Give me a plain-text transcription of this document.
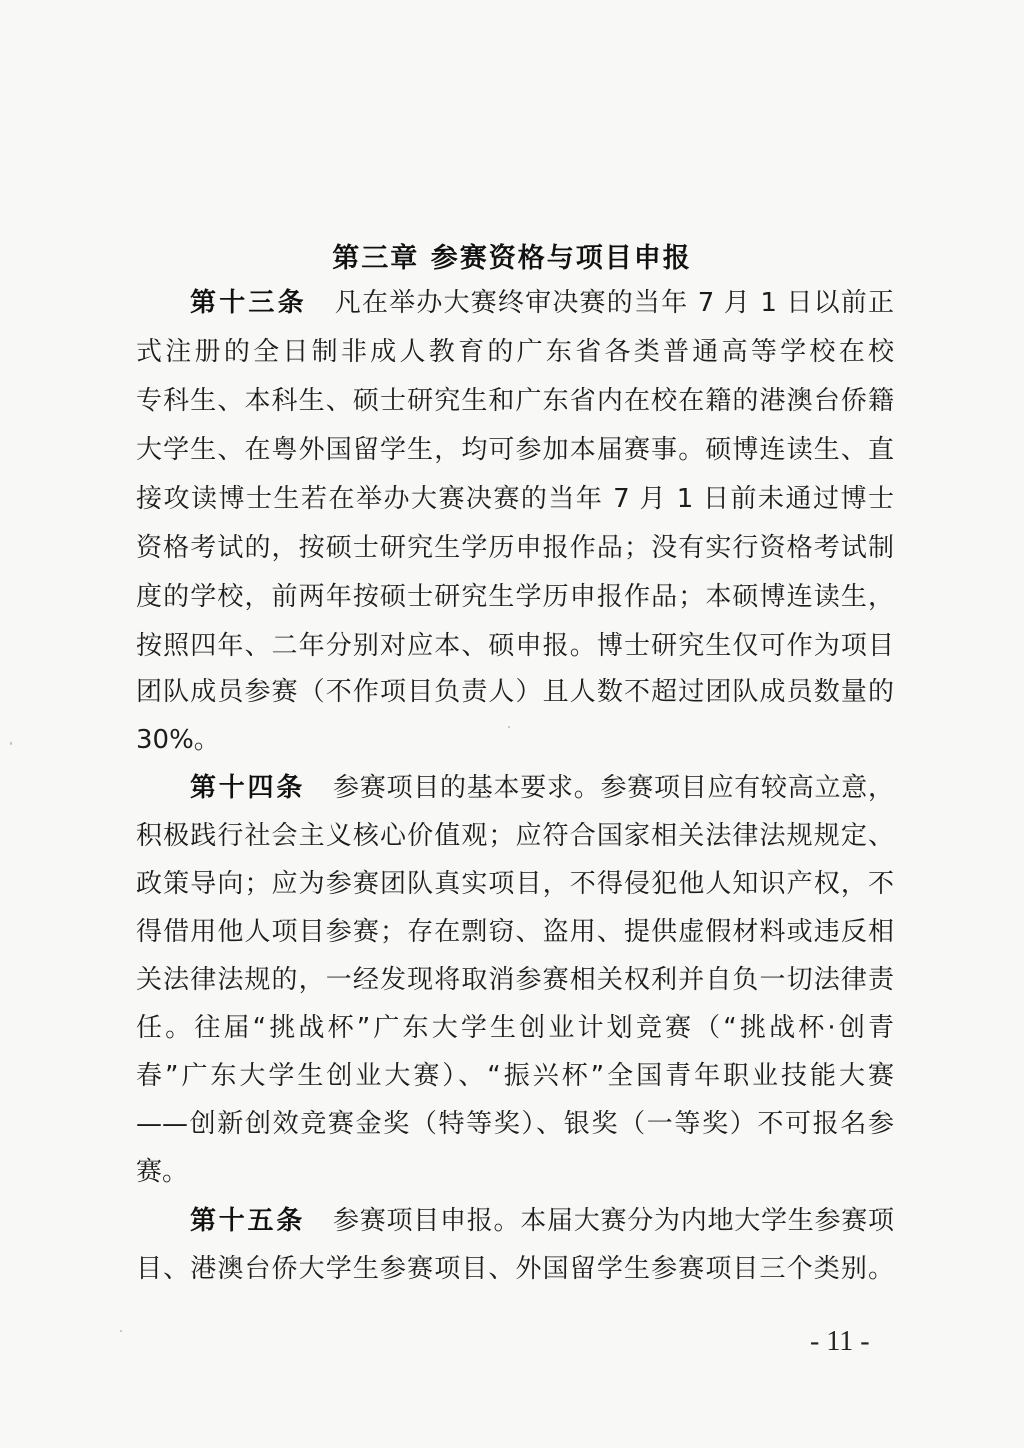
第三章 参赛资格与项目申报
第十三条 凡在举办大赛终审决赛的当年 7 月 1 日以前正
式注册的全日制非成人教育的广东省各类普通高等学校在校
专科生、本科生、硕士研究生和广东省内在校在籍的港澳台侨籍
大学生、在粤外国留学生，均可参加本届赛事。硕博连读生、直
接攻读博士生若在举办大赛决赛的当年 7 月 1 日前未通过博士
资格考试的，按硕士研究生学历申报作品；没有实行资格考试制
度的学校，前两年按硕士研究生学历申报作品；本硕博连读生，
按照四年、二年分别对应本、硕申报。博士研究生仅可作为项目
团队成员参赛（不作项目负责人）且人数不超过团队成员数量的
30%。
第十四条 参赛项目的基本要求。参赛项目应有较高立意，
积极践行社会主义核心价值观；应符合国家相关法律法规规定、
政策导向；应为参赛团队真实项目，不得侵犯他人知识产权，不
得借用他人项目参赛；存在剽窃、盗用、提供虚假材料或违反相
关法律法规的，一经发现将取消参赛相关权利并自负一切法律责
任。往届“挑战杯”广东大学生创业计划竞赛（“挑战杯·创青
春”广东大学生创业大赛）、“振兴杯”全国青年职业技能大赛
——创新创效竞赛金奖（特等奖）、银奖（一等奖）不可报名参
赛。
第十五条 参赛项目申报。本届大赛分为内地大学生参赛项
目、港澳台侨大学生参赛项目、外国留学生参赛项目三个类别。
- 11 -
